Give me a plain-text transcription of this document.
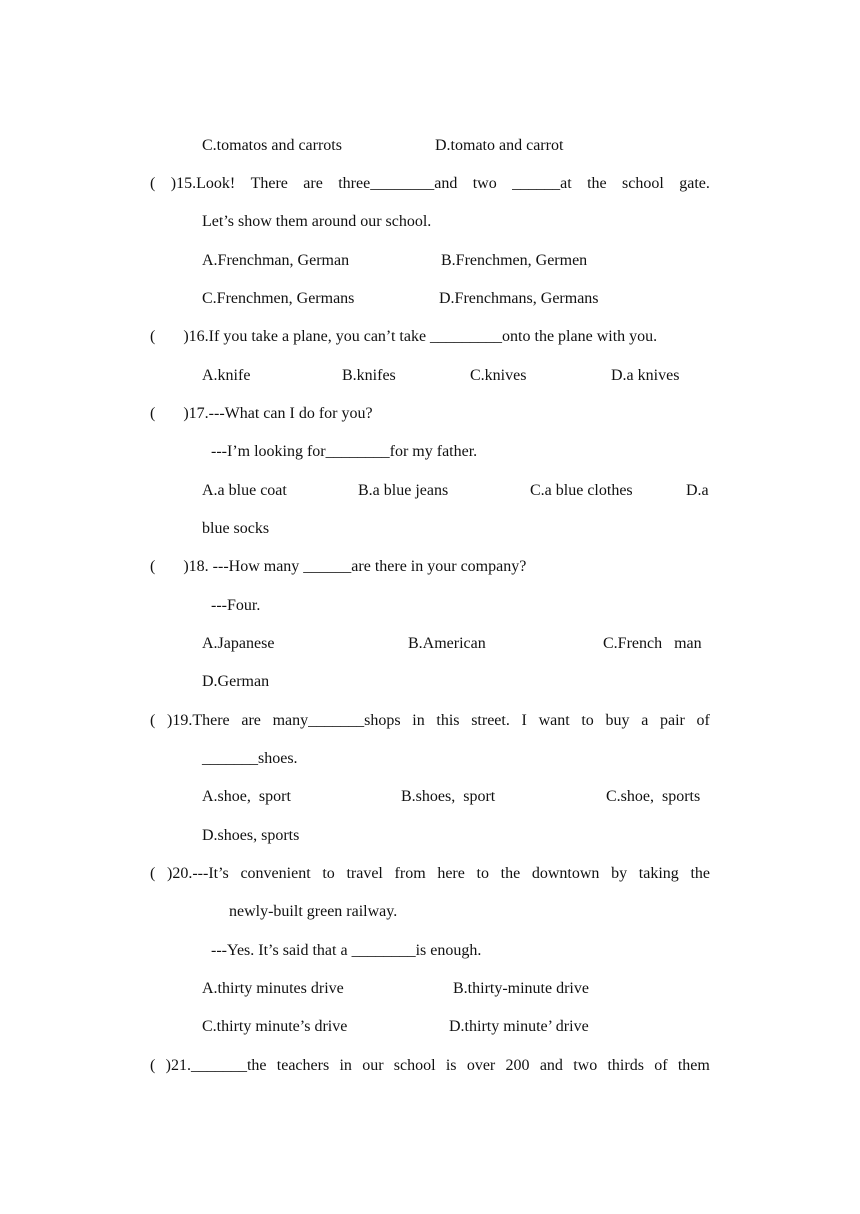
C.tomatos and carrots	D.tomato and carrot
( )15.Look! There are three________and two ______at the school gate.
Let’s show them around our school.
A.Frenchman, German	B.Frenchmen, Germen
C.Frenchmen, Germans	D.Frenchmans, Germans
(       )16.If you take a plane, you can’t take _________onto the plane with you.
A.knife	B.knifes	C.knives	D.a knives
(       )17.---What can I do for you?
---I’m looking for________for my father.
A.a blue coat	B.a blue jeans	C.a blue clothes	D.a
blue socks
(       )18. ---How many ______are there in your company?
---Four.
A.Japanese	B.American	C.French   man
D.German
( )19.There are many_______shops in this street. I want to buy a pair of
_______shoes.
A.shoe,  sport	B.shoes,  sport	C.shoe,  sports
D.shoes, sports
( )20.---It’s convenient to travel from here to the downtown by taking the
newly-built green railway.
---Yes. It’s said that a ________is enough.
A.thirty minutes drive	B.thirty-minute drive
C.thirty minute’s drive	D.thirty minute’ drive
( )21._______the teachers in our school is over 200 and two thirds of them
